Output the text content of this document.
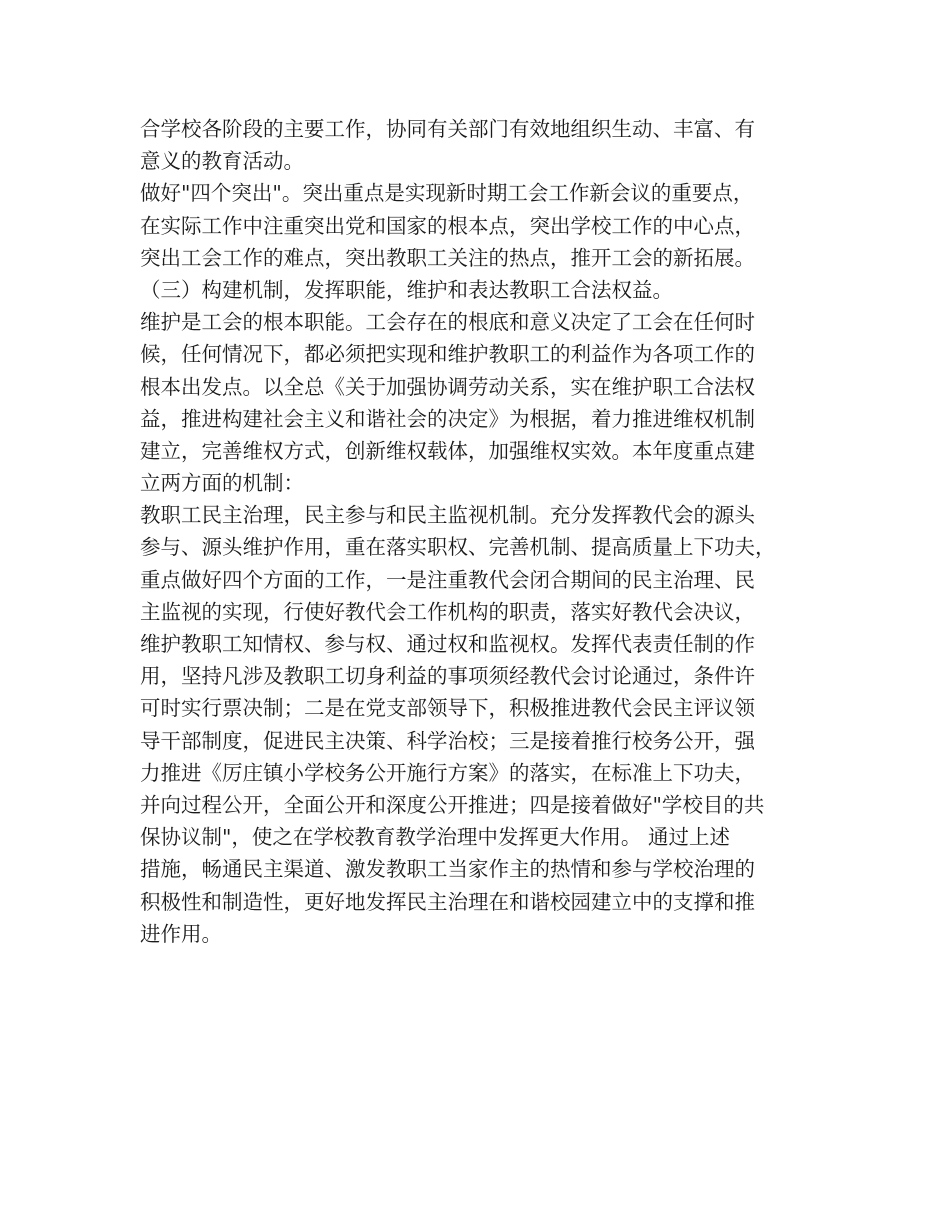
合学校各阶段的主要工作，协同有关部门有效地组织生动、丰富、有
意义的教育活动。
做好"四个突出"。突出重点是实现新时期工会工作新会议的重要点，
在实际工作中注重突出党和国家的根本点，突出学校工作的中心点，
突出工会工作的难点，突出教职工关注的热点，推开工会的新拓展。
（三）构建机制，发挥职能，维护和表达教职工合法权益。
维护是工会的根本职能。工会存在的根底和意义决定了工会在任何时
候，任何情况下，都必须把实现和维护教职工的利益作为各项工作的
根本出发点。以全总《关于加强协调劳动关系，实在维护职工合法权
益，推进构建社会主义和谐社会的决定》为根据，着力推进维权机制
建立，完善维权方式，创新维权载体，加强维权实效。本年度重点建
立两方面的机制：
教职工民主治理，民主参与和民主监视机制。充分发挥教代会的源头
参与、源头维护作用，重在落实职权、完善机制、提高质量上下功夫，
重点做好四个方面的工作，一是注重教代会闭合期间的民主治理、民
主监视的实现，行使好教代会工作机构的职责，落实好教代会决议，
维护教职工知情权、参与权、通过权和监视权。发挥代表责任制的作
用，坚持凡涉及教职工切身利益的事项须经教代会讨论通过，条件许
可时实行票决制；二是在党支部领导下，积极推进教代会民主评议领
导干部制度，促进民主决策、科学治校；三是接着推行校务公开，强
力推进《厉庄镇小学校务公开施行方案》的落实，在标准上下功夫，
并向过程公开，全面公开和深度公开推进；四是接着做好"学校目的共
保协议制"，使之在学校教育教学治理中发挥更大作用。 通过上述
措施，畅通民主渠道、激发教职工当家作主的热情和参与学校治理的
积极性和制造性，更好地发挥民主治理在和谐校园建立中的支撑和推
进作用。
